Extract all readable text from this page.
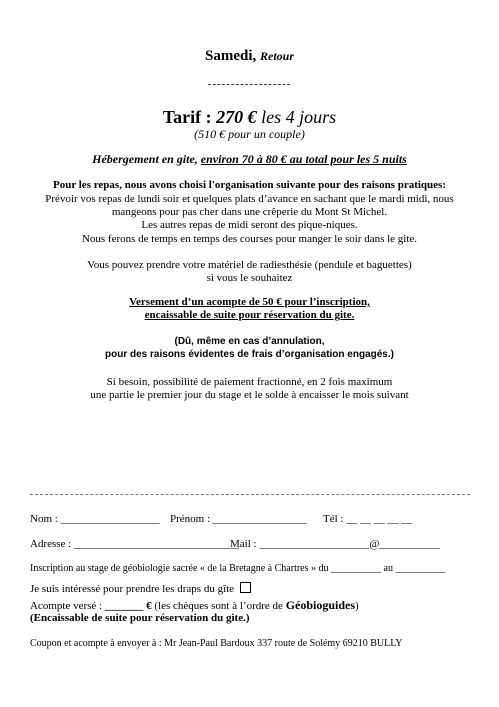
Samedi, Retour
------------------
Tarif : 270 € les 4 jours
(510 € pour un couple)
Hébergement en gite, environ 70 à 80 € au total pour les 5 nuits
Pour les repas, nous avons choisi l'organisation suivante pour des raisons pratiques:
Prévoir vos repas de lundi soir et quelques plats d’avance en sachant que le mardi midi, nous
mangeons pour pas cher dans une crêperie du Mont St Michel.
Les autres repas de midi seront des pique-niques.
Nous ferons de temps en temps des courses pour manger le soir dans le gite.
Vous pouvez prendre votre matériel de radiesthésie (pendule et baguettes)
si vous le souhaitez
Versement d’un acompte de 50 € pour l’inscription,
encaissable de suite pour réservation du gite.
(Dû, même en cas d’annulation,
pour des raisons évidentes de frais d’organisation engagés.)
Si besoin, possibilité de paiement fractionné, en 2 fois maximum
une partie le premier jour du stage et le solde à encaisser le mois suivant
Nom : __________________ Prénom : _________________ Tél : __ __ __ __ __
Adresse : ______________________________
Mail : ____________________@___________
Inscription au stage de géobiologie sacrée « de la Bretagne à Chartres » du __________ au __________
Je suis intéressé pour prendre les draps du gîte
Acompte versé : _______ € (les chèques sont à l’ordre de Géobioguides)
(Encaissable de suite pour réservation du gite.)
Coupon et acompte à envoyer à : Mr Jean-Paul Bardoux 337 route de Solémy 69210 BULLY
